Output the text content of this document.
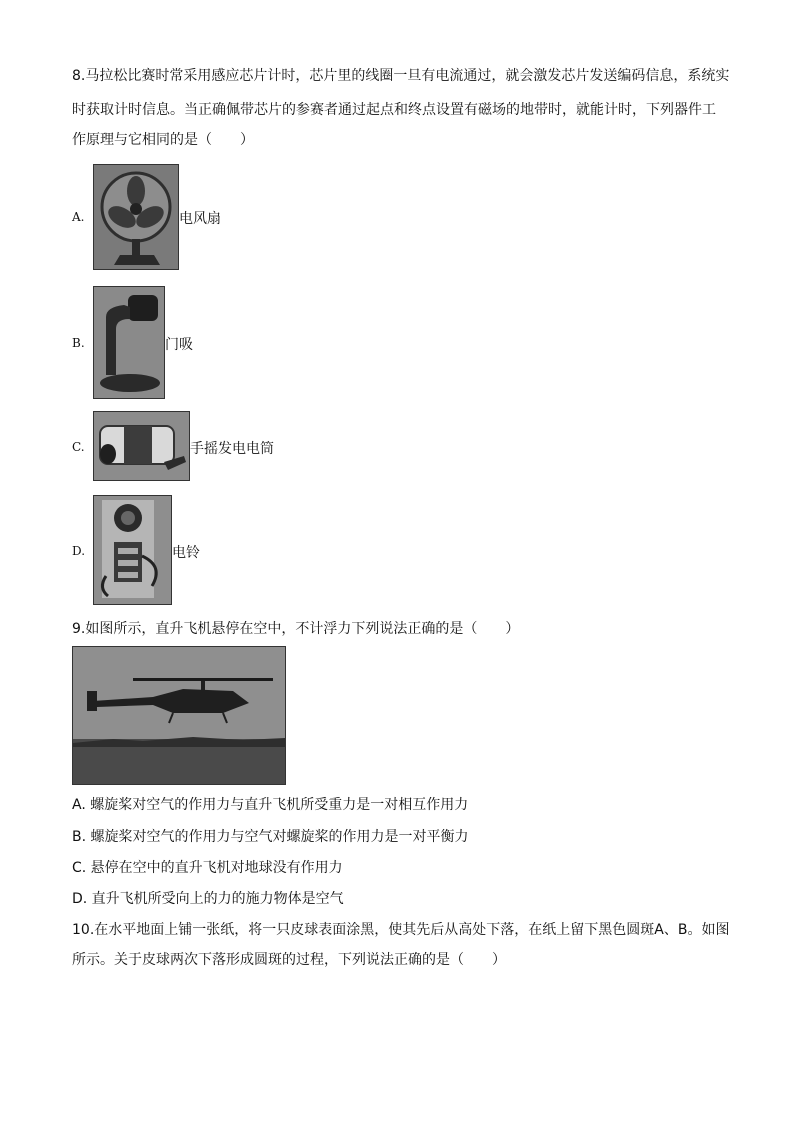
8.马拉松比赛时常采用感应芯片计时，芯片里的线圈一旦有电流通过，就会激发芯片发送编码信息，系统实
时获取计时信息。当正确佩带芯片的参赛者通过起点和终点设置有磁场的地带时，就能计时，下列器件工
作原理与它相同的是（　　）
A.	电风扇
B.	门吸
C.	手摇发电电筒
D.	电铃
9.如图所示，直升飞机悬停在空中，不计浮力下列说法正确的是（　　）
A. 螺旋桨对空气的作用力与直升飞机所受重力是一对相互作用力
B. 螺旋桨对空气的作用力与空气对螺旋桨的作用力是一对平衡力
C. 悬停在空中的直升飞机对地球没有作用力
D. 直升飞机所受向上的力的施力物体是空气
10.在水平地面上铺一张纸，将一只皮球表面涂黑，使其先后从高处下落，在纸上留下黑色圆斑A、B。如图
所示。关于皮球两次下落形成圆斑的过程，下列说法正确的是（　　）
